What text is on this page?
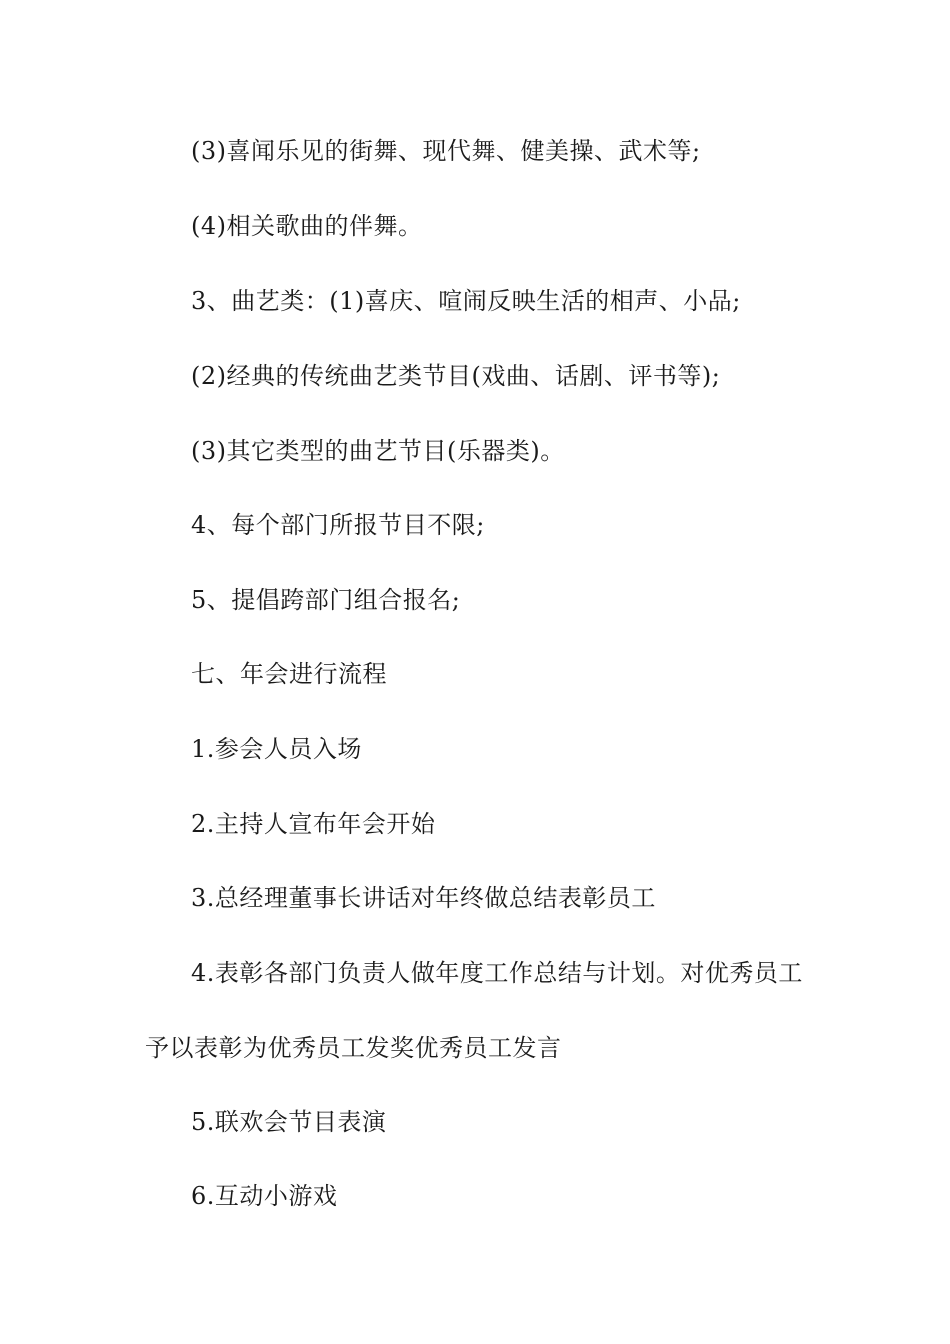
(3)喜闻乐见的街舞、现代舞、健美操、武术等;
(4)相关歌曲的伴舞。
3、曲艺类：(1)喜庆、喧闹反映生活的相声、小品;
(2)经典的传统曲艺类节目(戏曲、话剧、评书等);
(3)其它类型的曲艺节目(乐器类)。
4、每个部门所报节目不限;
5、提倡跨部门组合报名;
七、年会进行流程
1.参会人员入场
2.主持人宣布年会开始
3.总经理董事长讲话对年终做总结表彰员工
4.表彰各部门负责人做年度工作总结与计划。对优秀员工
予以表彰为优秀员工发奖优秀员工发言
5.联欢会节目表演
6.互动小游戏
